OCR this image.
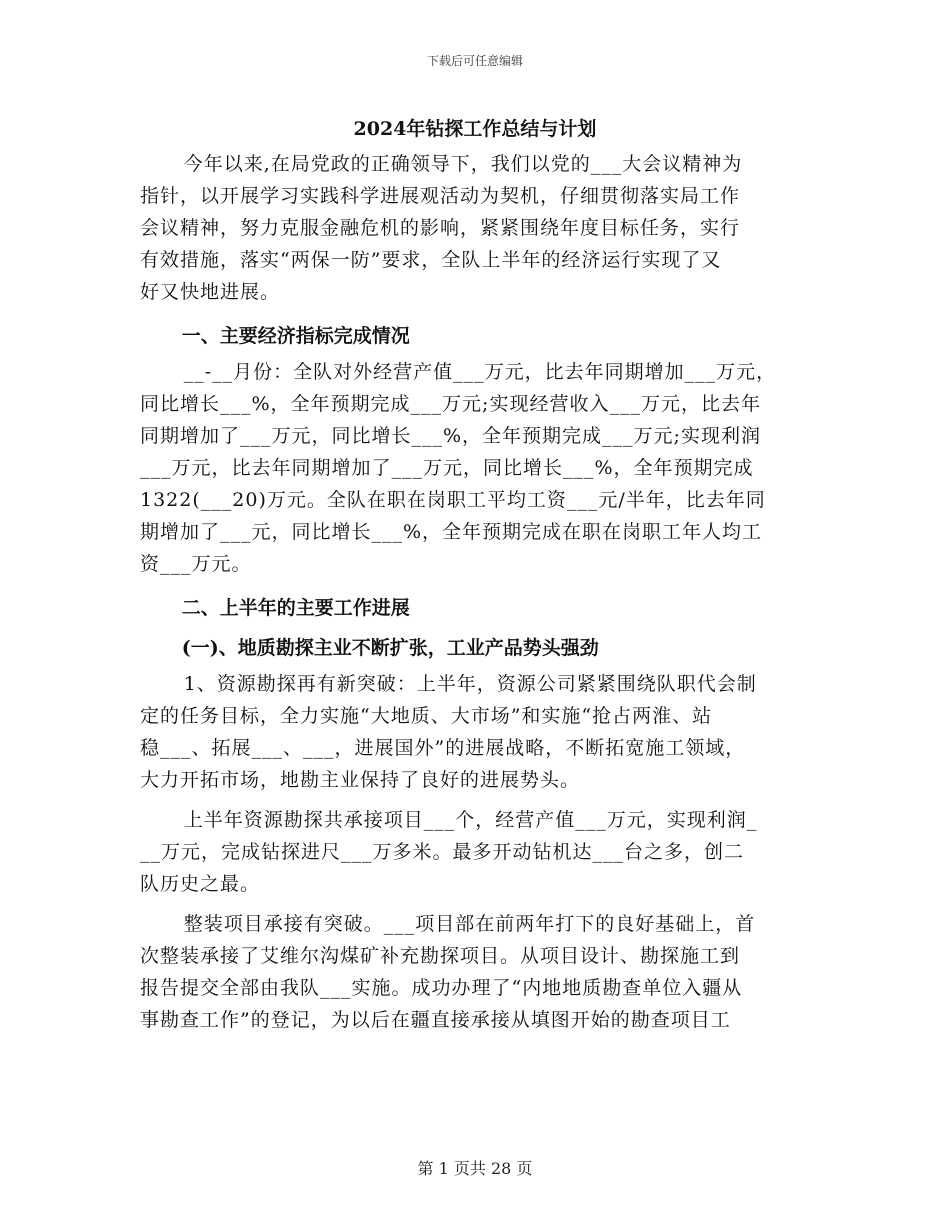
下载后可任意编辑
2024年钻探工作总结与计划
今年以来,在局党政的正确领导下，我们以党的___大会议精神为
指针，以开展学习实践科学进展观活动为契机，仔细贯彻落实局工作
会议精神，努力克服金融危机的影响，紧紧围绕年度目标任务，实行
有效措施，落实“两保一防”要求，全队上半年的经济运行实现了又
好又快地进展。
一、主要经济指标完成情况
__-__月份：全队对外经营产值___万元，比去年同期增加___万元，
同比增长___%，全年预期完成___万元;实现经营收入___万元，比去年
同期增加了___万元，同比增长___%，全年预期完成___万元;实现利润
___万元，比去年同期增加了___万元，同比增长___%，全年预期完成
1322(___20)万元。全队在职在岗职工平均工资___元/半年，比去年同
期增加了___元，同比增长___%，全年预期完成在职在岗职工年人均工
资___万元。
二、上半年的主要工作进展
(一)、地质勘探主业不断扩张，工业产品势头强劲
1、资源勘探再有新突破：上半年，资源公司紧紧围绕队职代会制
定的任务目标，全力实施“大地质、大市场”和实施“抢占两淮、站
稳___、拓展___、___，进展国外”的进展战略，不断拓宽施工领域，
大力开拓市场，地勘主业保持了良好的进展势头。
上半年资源勘探共承接项目___个，经营产值___万元，实现利润_
__万元，完成钻探进尺___万多米。最多开动钻机达___台之多，创二
队历史之最。
整装项目承接有突破。___项目部在前两年打下的良好基础上，首
次整装承接了艾维尔沟煤矿补充勘探项目。从项目设计、勘探施工到
报告提交全部由我队___实施。成功办理了“内地地质勘查单位入疆从
事勘查工作”的登记，为以后在疆直接承接从填图开始的勘查项目工
第 1 页共 28 页
